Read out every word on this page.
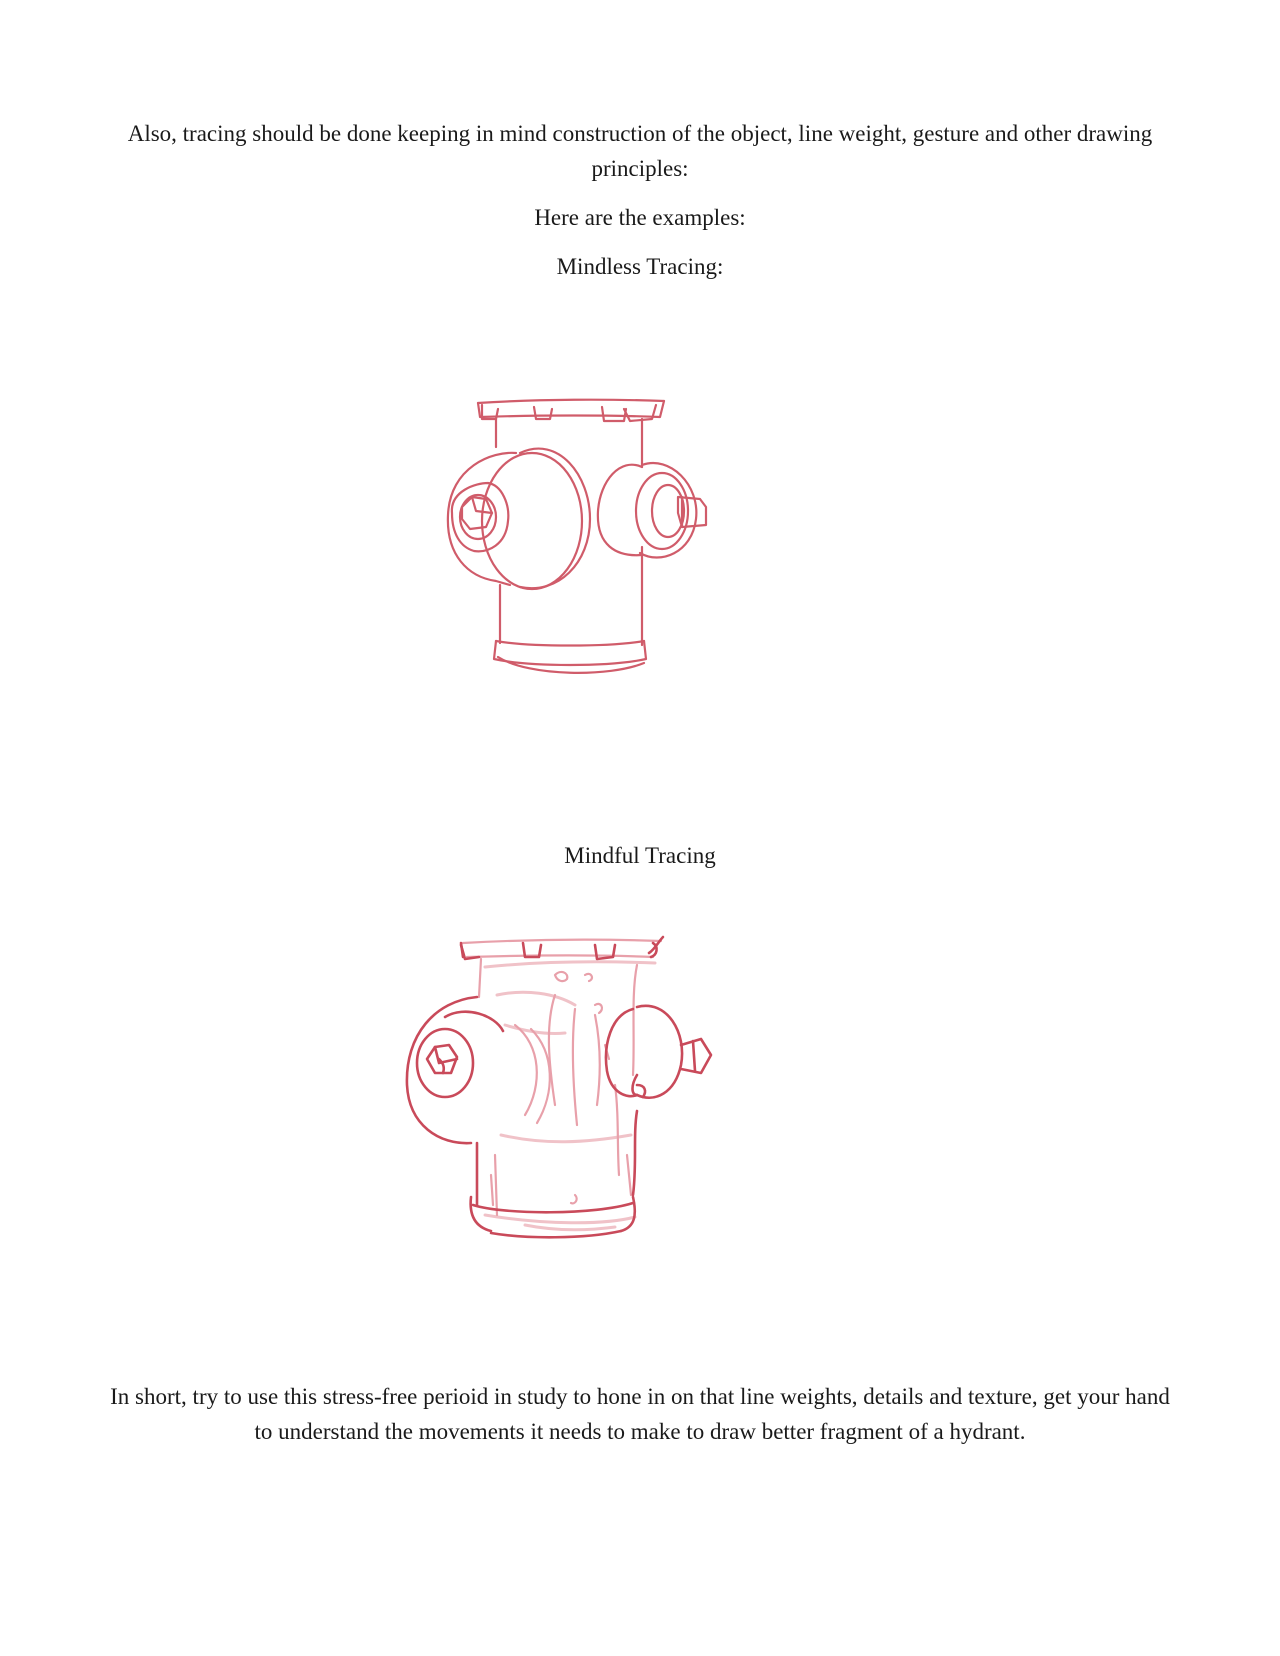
Also, tracing should be done keeping in mind construction of the object, line weight, gesture and other drawing principles:

Here are the examples:

Mindless Tracing:

Mindful Tracing

In short, try to use this stress-free perioid in study to hone in on that line weights, details and texture, get your hand to understand the movements it needs to make to draw better fragment of a hydrant.
